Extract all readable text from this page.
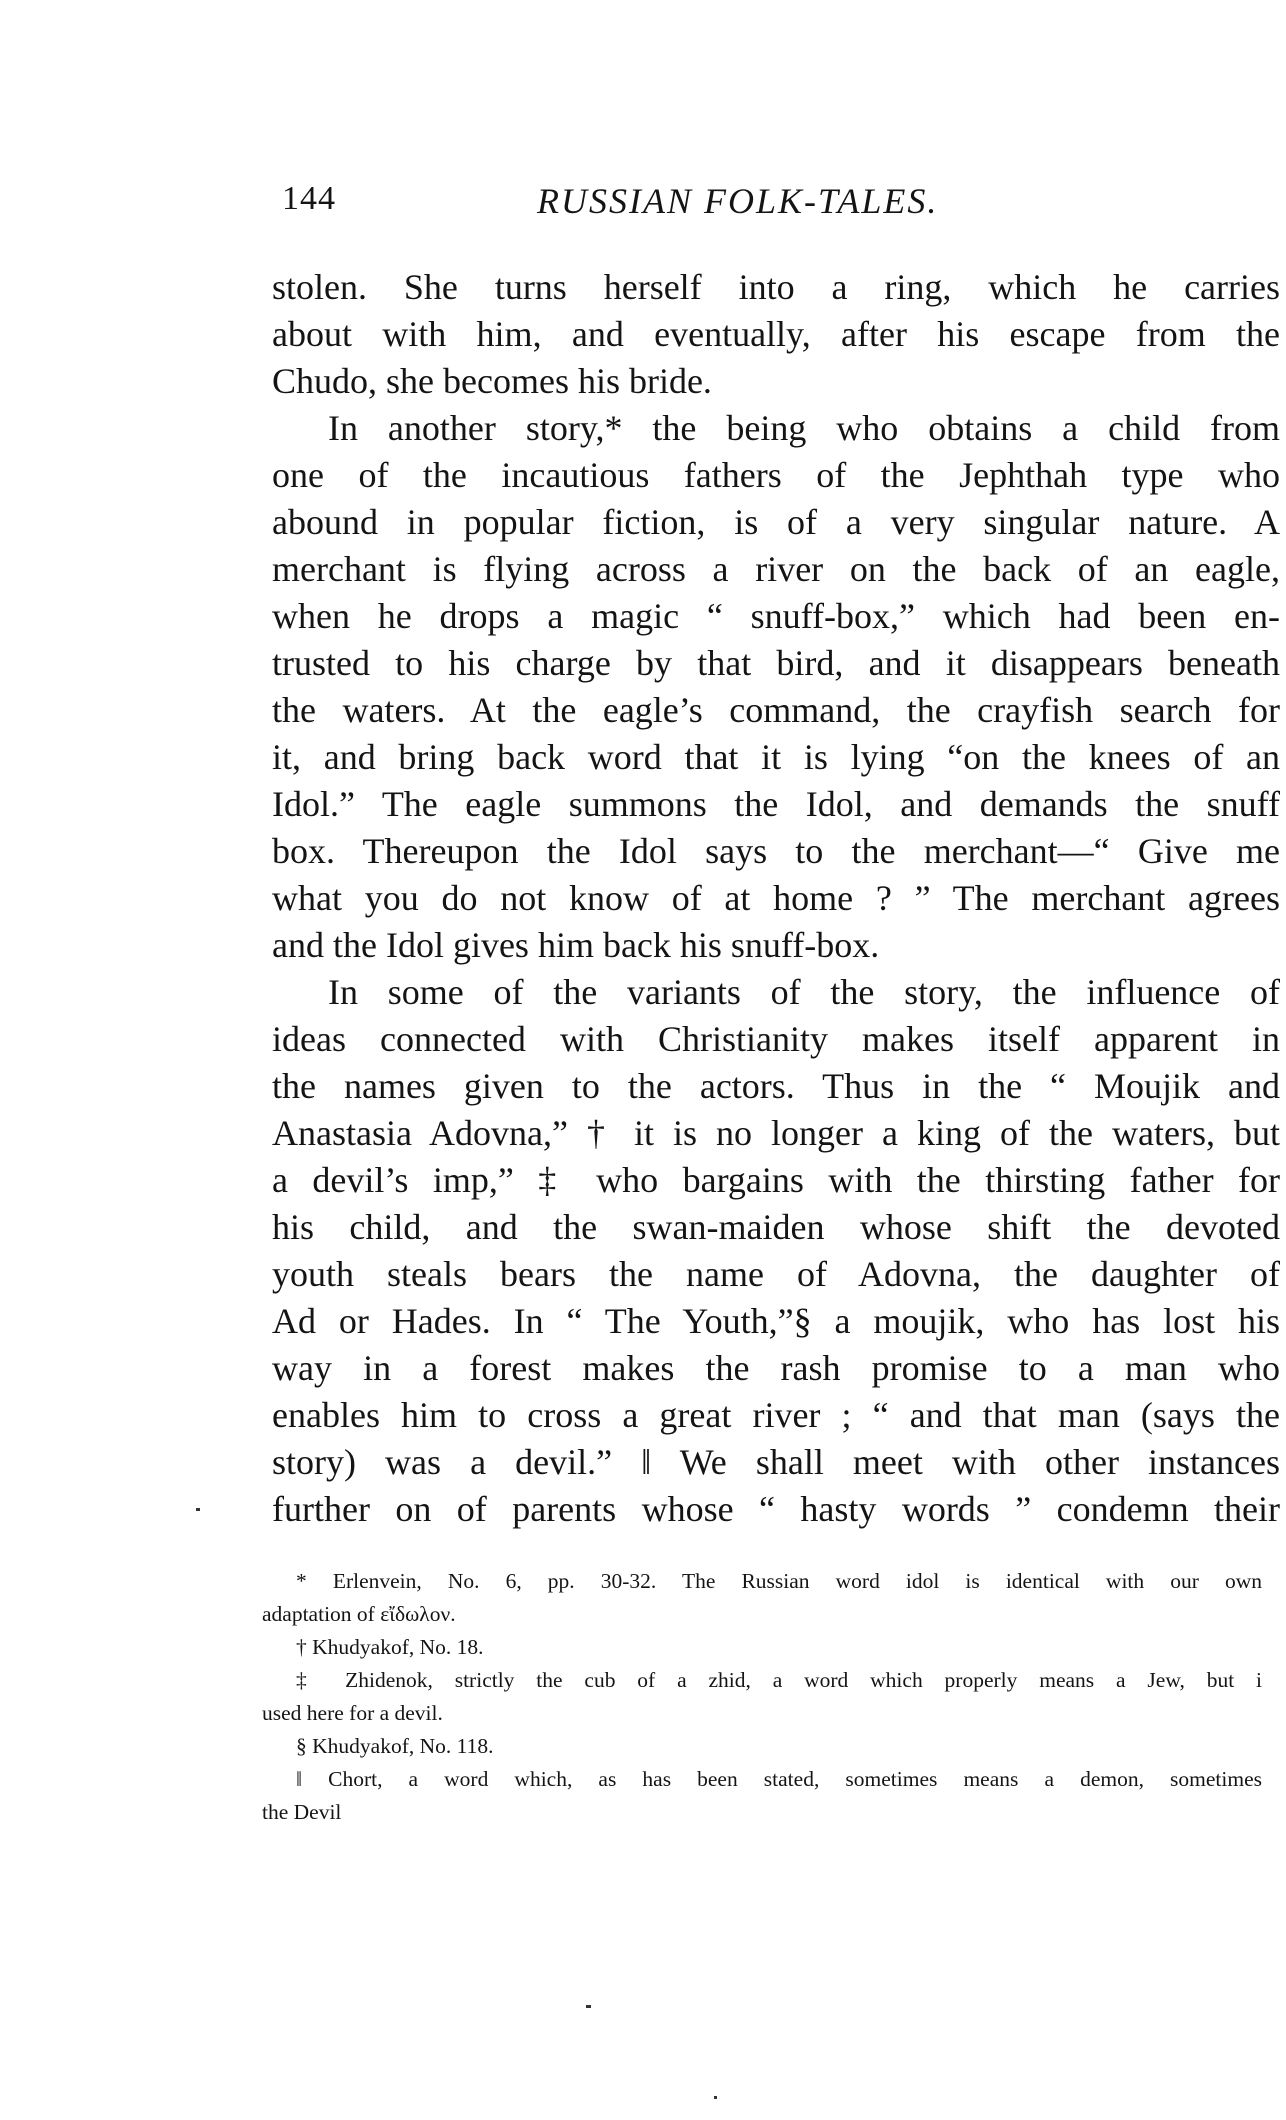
144	RUSSIAN FOLK-TALES.
stolen. She turns herself into a ring, which he carries
about with him, and eventually, after his escape from the
Chudo, she becomes his bride.
In another story,* the being who obtains a child from
one of the incautious fathers of the Jephthah type who
abound in popular fiction, is of a very singular nature. A
merchant is flying across a river on the back of an eagle,
when he drops a magic “ snuff-box,” which had been en-
trusted to his charge by that bird, and it disappears beneath
the waters. At the eagle’s command, the crayfish search for
it, and bring back word that it is lying “on the knees of an
Idol.” The eagle summons the Idol, and demands the snuff
box. Thereupon the Idol says to the merchant—“ Give me
what you do not know of at home ? ” The merchant agrees
and the Idol gives him back his snuff-box.
In some of the variants of the story, the influence of
ideas connected with Christianity makes itself apparent in
the names given to the actors. Thus in the “ Moujik and
Anastasia Adovna,” † it is no longer a king of the waters, but
a devil’s imp,” ‡ who bargains with the thirsting father for
his child, and the swan-maiden whose shift the devoted
youth steals bears the name of Adovna, the daughter of
Ad or Hades. In “ The Youth,”§ a moujik, who has lost his
way in a forest makes the rash promise to a man who
enables him to cross a great river ; “ and that man (says the
story) was a devil.” ‖ We shall meet with other instances
further on of parents whose “ hasty words ” condemn their
* Erlenvein, No. 6, pp. 30-32. The Russian word idol is identical with our own
adaptation of εἴδωλον.
† Khudyakof, No. 18.
‡ Zhidenok, strictly the cub of a zhid, a word which properly means a Jew, but i
used here for a devil.
§ Khudyakof, No. 118.
‖ Chort, a word which, as has been stated, sometimes means a demon, sometimes
the Devil
